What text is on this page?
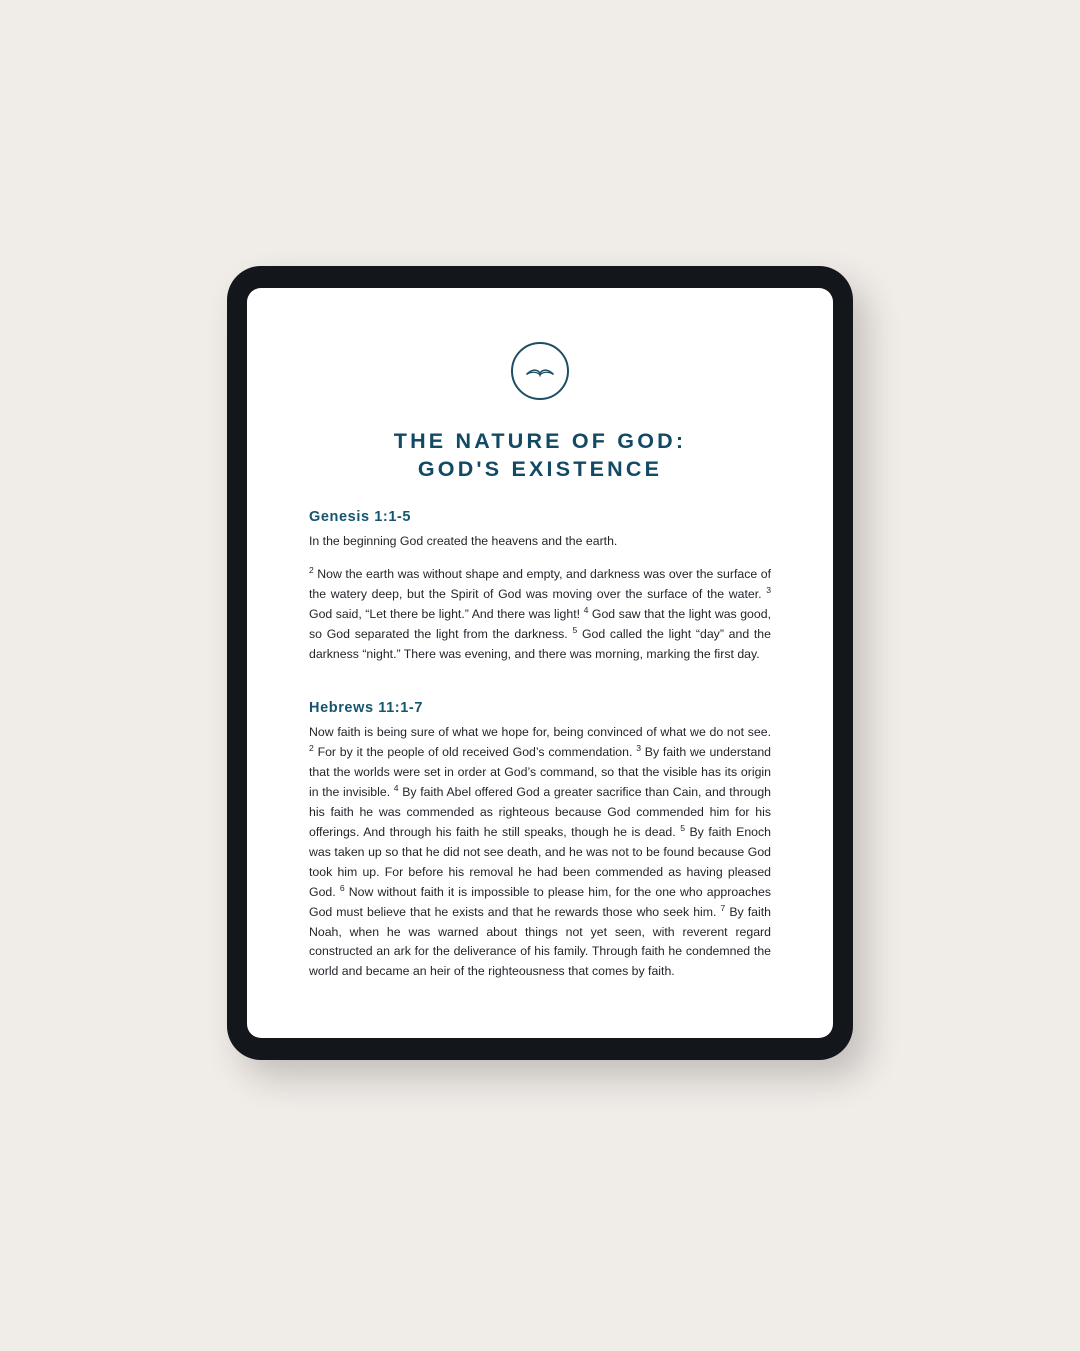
THE NATURE OF GOD:
GOD'S EXISTENCE
Genesis 1:1-5

In the beginning God created the heavens and the earth.

$^2$ Now the earth was without shape and empty, and darkness was over the surface of the watery deep, but the Spirit of God was moving over the surface of the water. $^3$ God said, “Let there be light.” And there was light! $^4$ God saw that the light was good, so God separated the light from the darkness. $^5$ God called the light “day” and the darkness “night.” There was evening, and there was morning, marking the first day.

Hebrews 11:1-7

Now faith is being sure of what we hope for, being convinced of what we do not see. $^2$ For by it the people of old received God’s commendation. $^3$ By faith we understand that the worlds were set in order at God’s command, so that the visible has its origin in the invisible. $^4$ By faith Abel offered God a greater sacrifice than Cain, and through his faith he was commended as righteous because God commended him for his offerings. And through his faith he still speaks, though he is dead. $^5$ By faith Enoch was taken up so that he did not see death, and he was not to be found because God took him up. For before his removal he had been commended as having pleased God. $^6$ Now without faith it is impossible to please him, for the one who approaches God must believe that he exists and that he rewards those who seek him. $^7$ By faith Noah, when he was warned about things not yet seen, with reverent regard constructed an ark for the deliverance of his family. Through faith he condemned the world and became an heir of the righteousness that comes by faith.
